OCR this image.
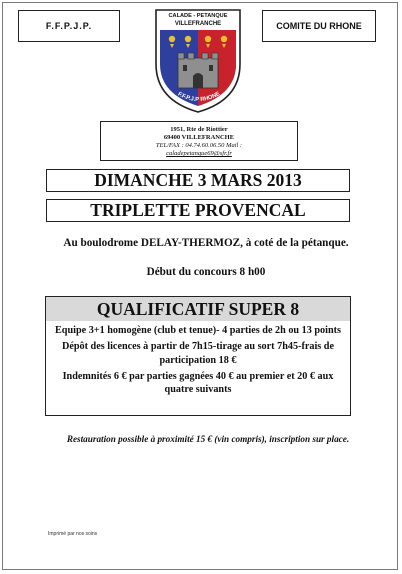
F.F.P.J.P.	COMITE DU RHONE
CALADE - PETANQUE
VILLEFRANCHE
F.F.P.J.P RHONE
1951, Rte de Riottier
69400 VILLEFRANCHE
TEL/FAX : 04.74.60.06.50 Mail :
caladepetanque69@sfr.fr
DIMANCHE 3 MARS 2013
TRIPLETTE PROVENCAL
Au boulodrome DELAY-THERMOZ, à coté de la pétanque.
Début du concours 8 h00
QUALIFICATIF SUPER 8

Equipe 3+1 homogène (club et tenue)- 4 parties de 2h ou 13 points

Dépôt des licences à partir de 7h15-tirage au sort 7h45-frais de participation 18 €

Indemnités 6 € par parties gagnées 40 € au premier et 20 € aux quatre suivants

Restauration possible à proximité 15 € (vin compris), inscription sur place.
Imprimé par nos soins
